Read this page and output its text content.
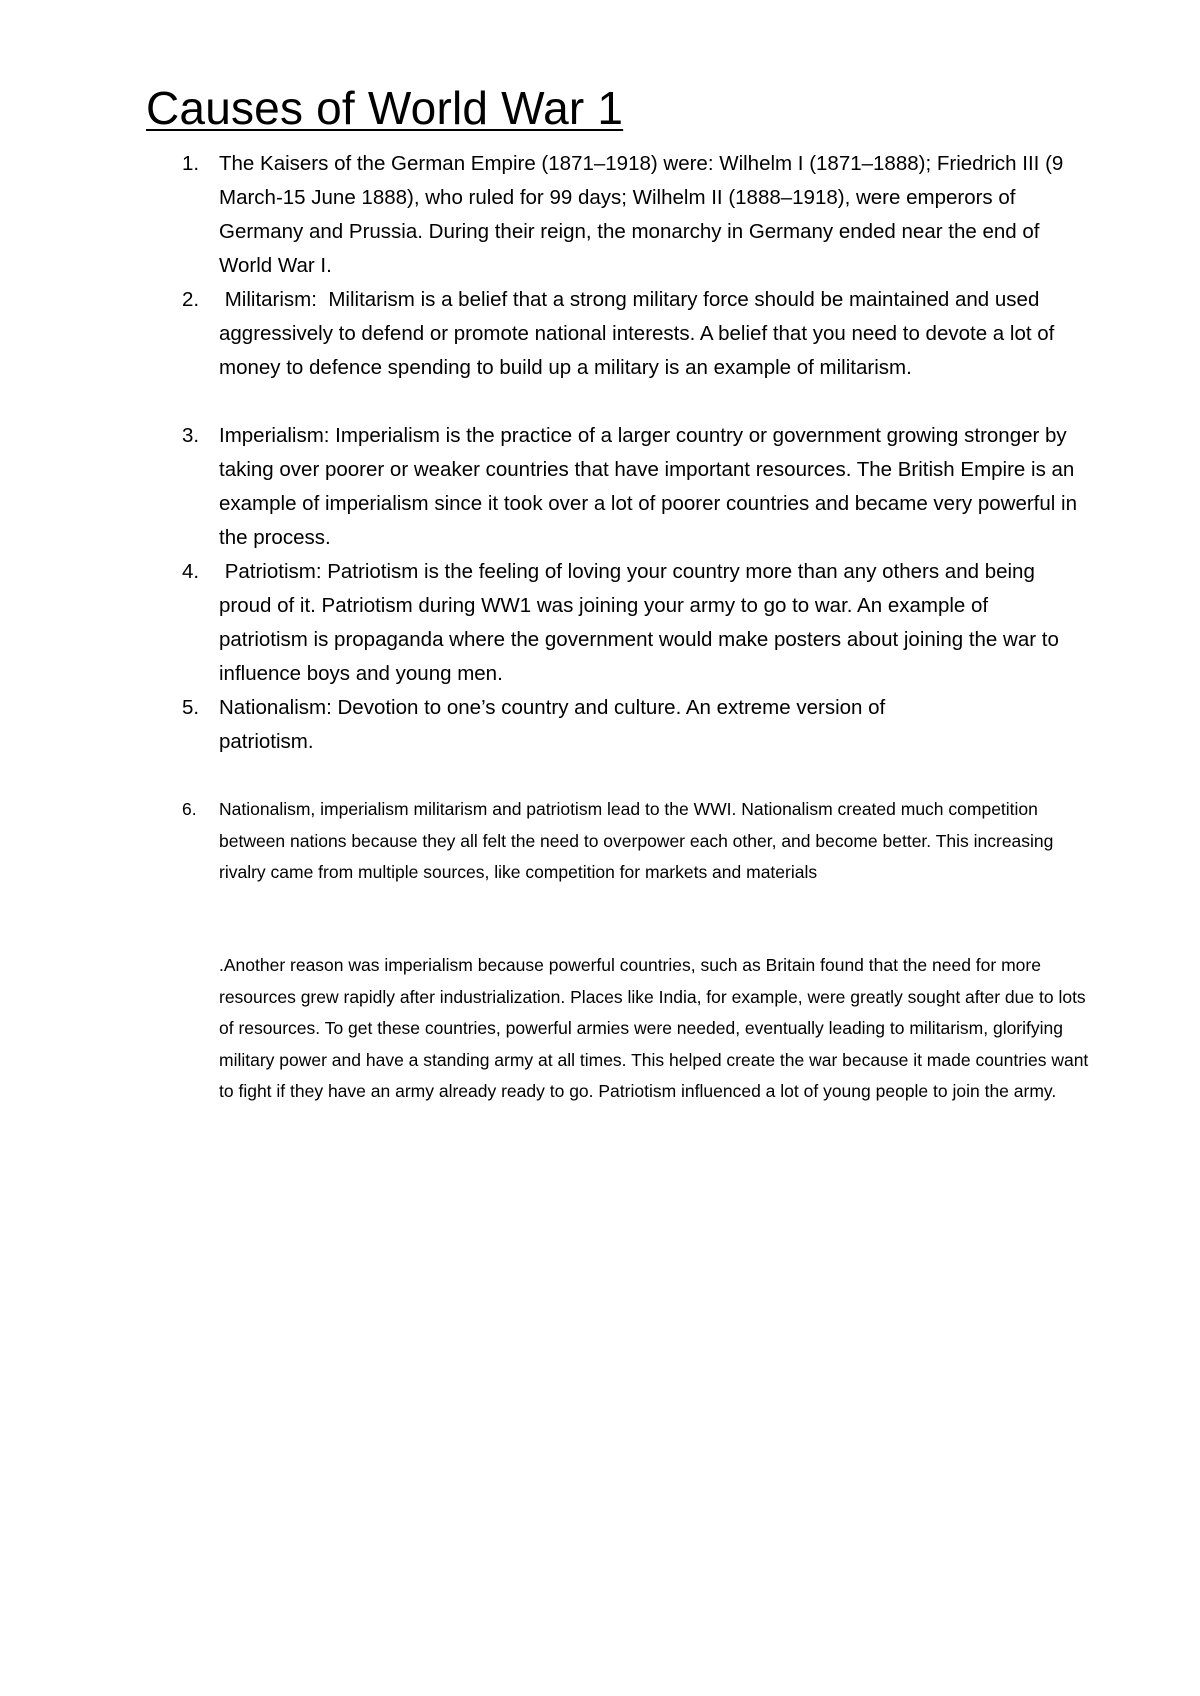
Causes of World War 1
1. The Kaisers of the German Empire (1871–1918) were: Wilhelm I (1871–1888); Friedrich III (9 March-15 June 1888), who ruled for 99 days; Wilhelm II (1888–1918), were emperors of Germany and Prussia. During their reign, the monarchy in Germany ended near the end of World War I.

2. Militarism:  Militarism is a belief that a strong military force should be maintained and used aggressively to defend or promote national interests. A belief that you need to devote a lot of money to defence spending to build up a military is an example of militarism.

3. Imperialism: Imperialism is the practice of a larger country or government growing stronger by taking over poorer or weaker countries that have important resources. The British Empire is an example of imperialism since it took over a lot of poorer countries and became very powerful in the process.

4. Patriotism: Patriotism is the feeling of loving your country more than any others and being proud of it. Patriotism during WW1 was joining your army to go to war. An example of patriotism is propaganda where the government would make posters about joining the war to influence boys and young men.

5. Nationalism: Devotion to one’s country and culture. An extreme version of patriotism.

6. Nationalism, imperialism militarism and patriotism lead to the WWI. Nationalism created much competition between nations because they all felt the need to overpower each other, and become better. This increasing rivalry came from multiple sources, like competition for markets and materials

.Another reason was imperialism because powerful countries, such as Britain found that the need for more resources grew rapidly after industrialization. Places like India, for example, were greatly sought after due to lots of resources. To get these countries, powerful armies were needed, eventually leading to militarism, glorifying military power and have a standing army at all times. This helped create the war because it made countries want to fight if they have an army already ready to go. Patriotism influenced a lot of young people to join the army.
